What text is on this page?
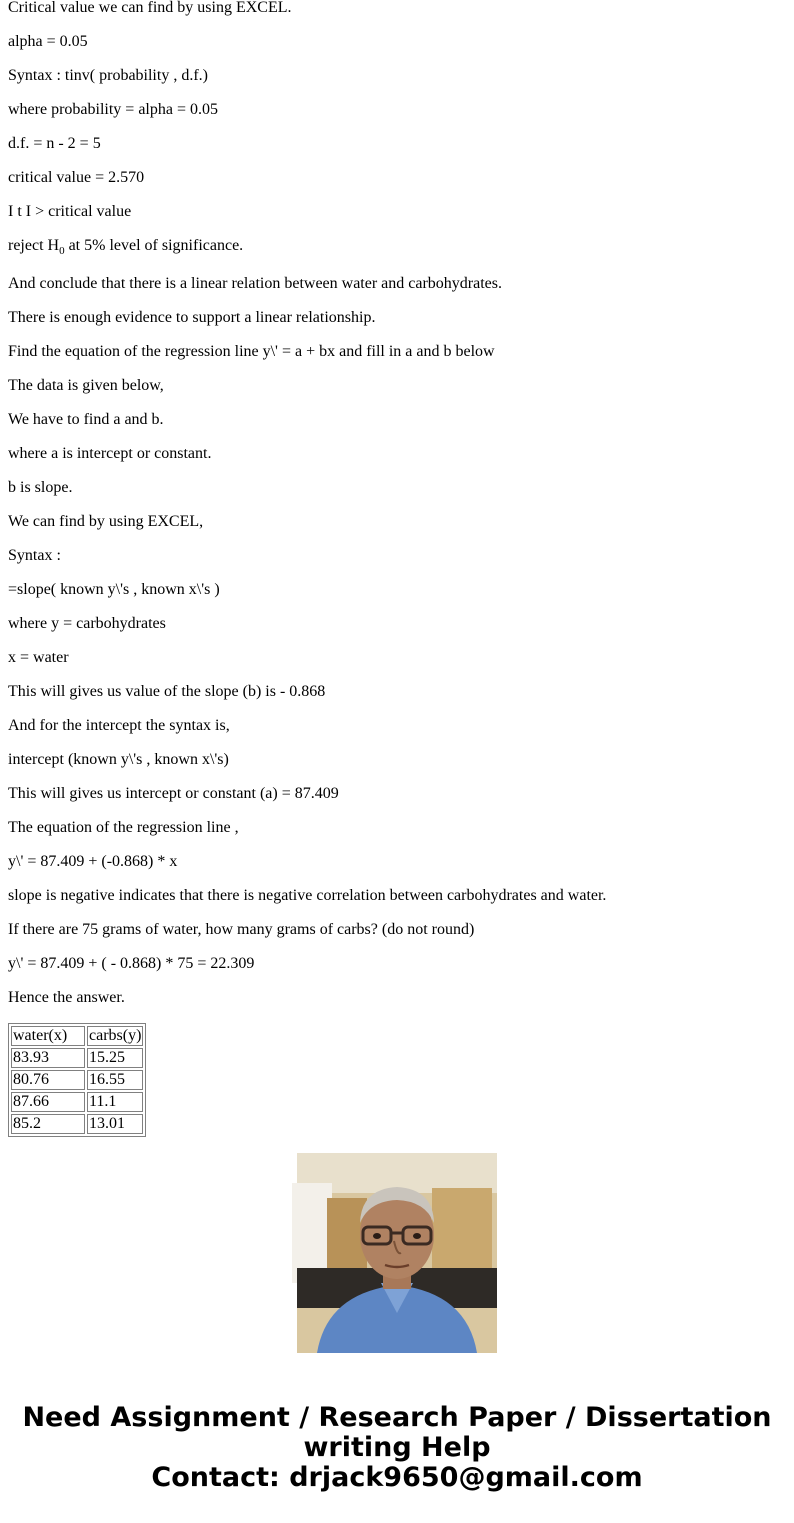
Critical value we can find by using EXCEL.
alpha = 0.05
Syntax : tinv( probability , d.f.)
where probability = alpha = 0.05
d.f. = n - 2 = 5
critical value = 2.570
I t I > critical value
reject $H_0$ at 5% level of significance.
And conclude that there is a linear relation between water and carbohydrates.
There is enough evidence to support a linear relationship.
Find the equation of the regression line y\' = a + bx and fill in a and b below
The data is given below,
We have to find a and b.
where a is intercept or constant.
b is slope.
We can find by using EXCEL,
Syntax :
=slope( known y\'s , known x\'s )
where y = carbohydrates
x = water
This will gives us value of the slope (b) is - 0.868
And for the intercept the syntax is,
intercept (known y\'s , known x\'s)
This will gives us intercept or constant (a) = 87.409
The equation of the regression line ,
y\' = 87.409 + (-0.868) * x
slope is negative indicates that there is negative correlation between carbohydrates and water.
If there are 75 grams of water, how many grams of carbs? (do not round)
y\' = 87.409 + ( - 0.868) * 75 = 22.309
Hence the answer.
water(x)	carbs(y)
83.93	15.25
80.76	16.55
87.66	11.1
85.2	13.01
Need Assignment / Research Paper / Dissertation
writing Help
Contact: drjack9650@gmail.com
